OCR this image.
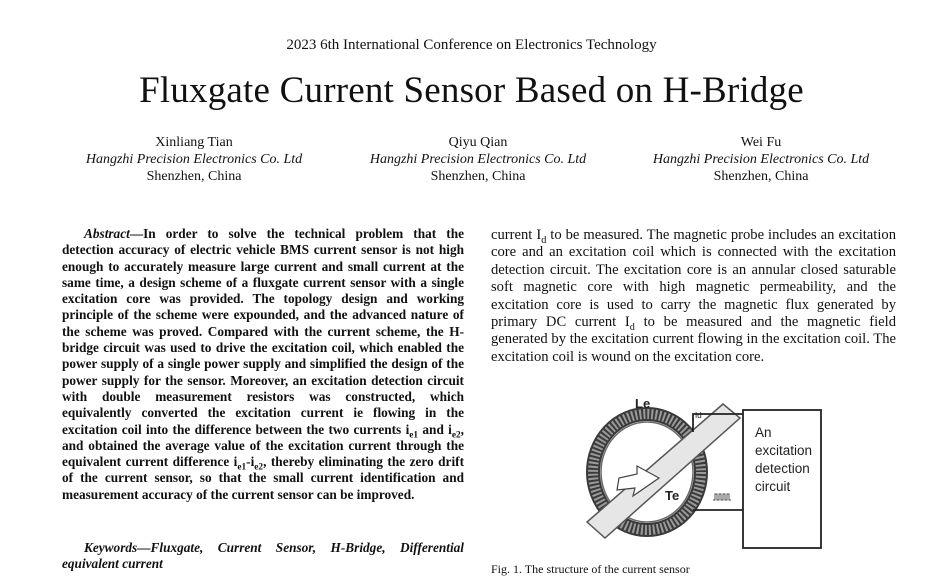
2023 6th International Conference on Electronics Technology
Fluxgate Current Sensor Based on H-Bridge
Xinliang Tian
Hangzhi Precision Electronics Co. Ltd
Shenzhen, China
Qiyu Qian
Hangzhi Precision Electronics Co. Ltd
Shenzhen, China
Wei Fu
Hangzhi Precision Electronics Co. Ltd
Shenzhen, China
Abstract—In order to solve the technical problem that the detection accuracy of electric vehicle BMS current sensor is not high enough to accurately measure large current and small current at the same time, a design scheme of a fluxgate current sensor with a single excitation core was provided. The topology design and working principle of the scheme were expounded, and the advanced nature of the scheme was proved. Compared with the current scheme, the H-bridge circuit was used to drive the excitation coil, which enabled the power supply of a single power supply and simplified the design of the power supply for the sensor. Moreover, an excitation detection circuit with double measurement resistors was constructed, which equivalently converted the excitation current ie flowing in the excitation coil into the difference between the two currents $i_{e1}$ and $i_{e2}$, and obtained the average value of the excitation current through the equivalent current difference $i_{e1}-i_{e2}$, thereby eliminating the zero drift of the current sensor, so that the small current identification and measurement accuracy of the current sensor can be improved.
Keywords—Fluxgate, Current Sensor, H-Bridge, Differential equivalent current
current $I_d$ to be measured. The magnetic probe includes an excitation core and an excitation coil which is connected with the excitation detection circuit. The excitation core is an annular closed saturable soft magnetic core with high magnetic permeability, and the excitation core is used to carry the magnetic flux generated by primary DC current $I_d$ to be measured and the magnetic field generated by the excitation current flowing in the excitation coil. The excitation coil is wound on the excitation core.
Le
Id
Te
An
excitation
detection
circuit
Fig. 1. The structure of the current sensor
